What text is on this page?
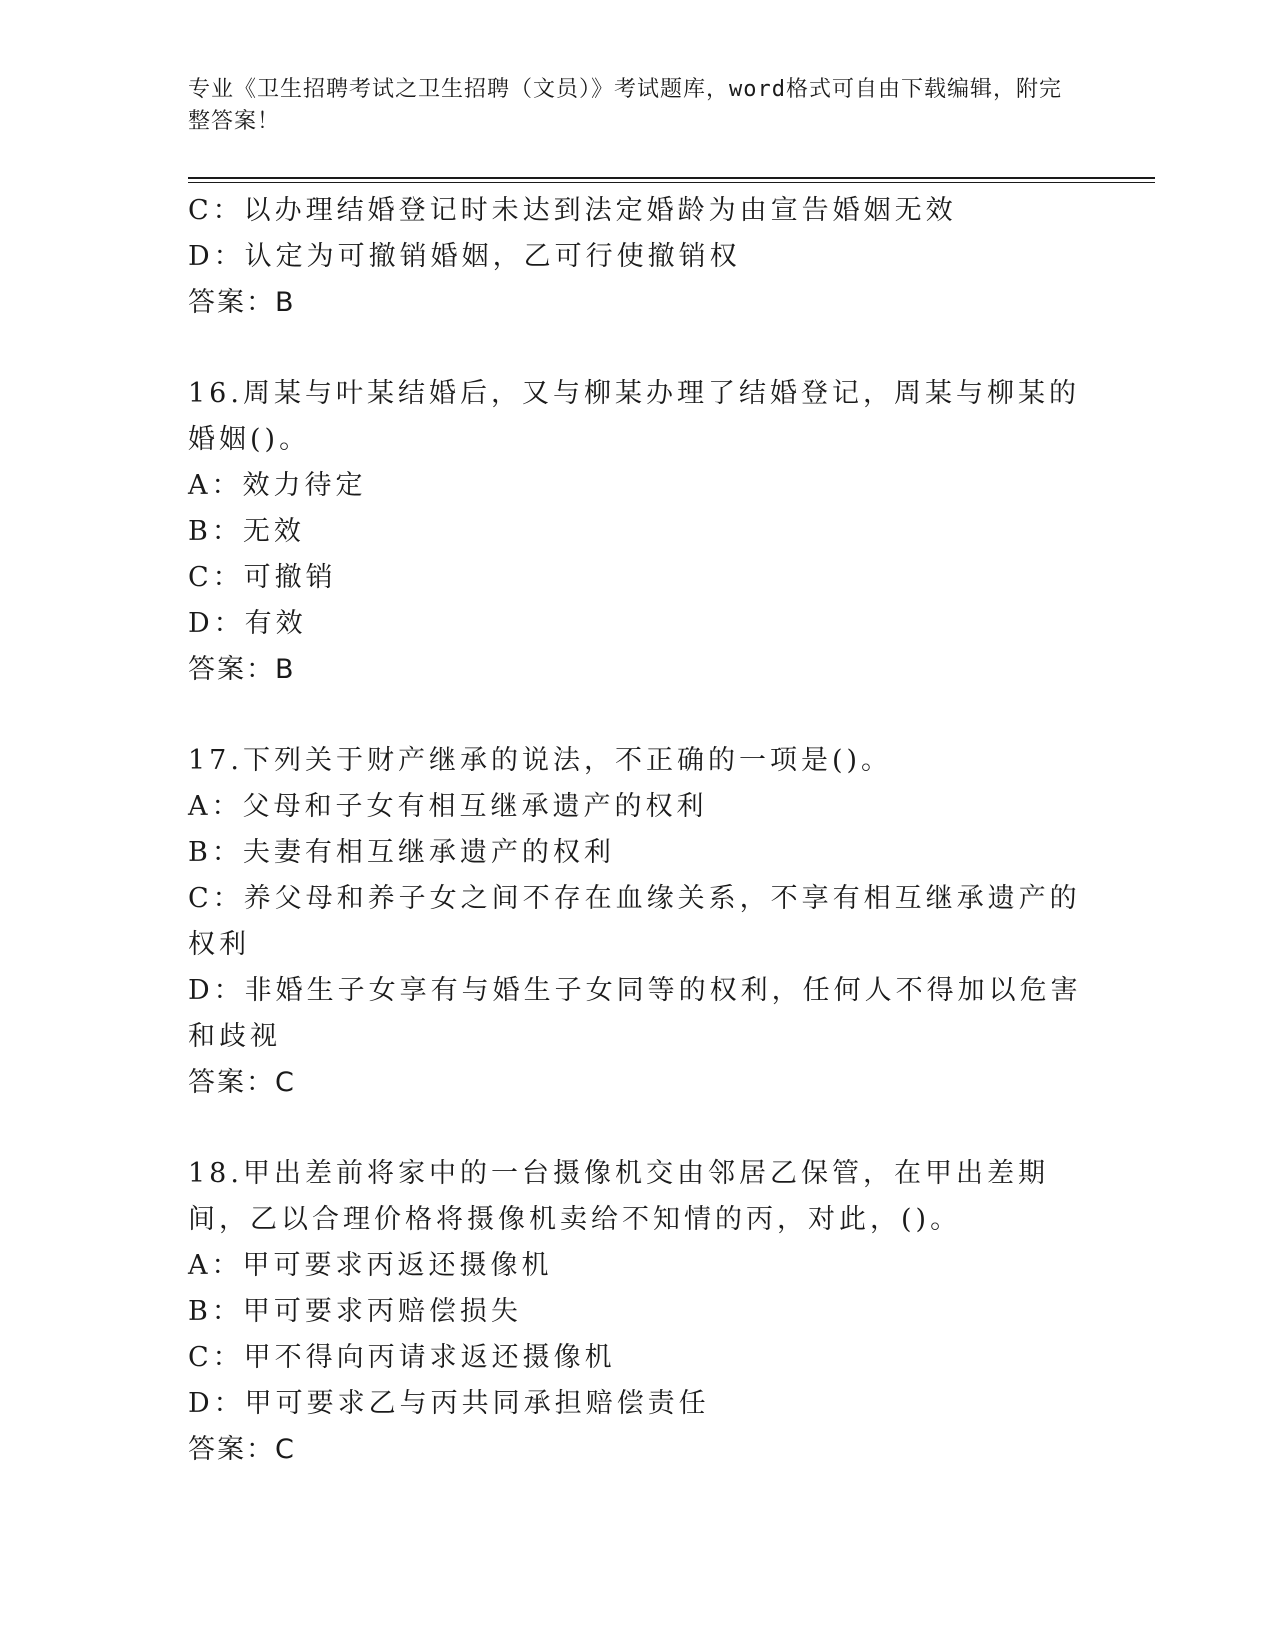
专业《卫生招聘考试之卫生招聘（文员）》考试题库，word格式可自由下载编辑，附完整答案！
C：以办理结婚登记时未达到法定婚龄为由宣告婚姻无效
D：认定为可撤销婚姻，乙可行使撤销权
答案：B
16.周某与叶某结婚后，又与柳某办理了结婚登记，周某与柳某的婚姻()。
A：效力待定
B：无效
C：可撤销
D：有效
答案：B
17.下列关于财产继承的说法，不正确的一项是()。
A：父母和子女有相互继承遗产的权利
B：夫妻有相互继承遗产的权利
C：养父母和养子女之间不存在血缘关系，不享有相互继承遗产的权利
D：非婚生子女享有与婚生子女同等的权利，任何人不得加以危害和歧视
答案：C
18.甲出差前将家中的一台摄像机交由邻居乙保管，在甲出差期间，乙以合理价格将摄像机卖给不知情的丙，对此，()。
A：甲可要求丙返还摄像机
B：甲可要求丙赔偿损失
C：甲不得向丙请求返还摄像机
D：甲可要求乙与丙共同承担赔偿责任
答案：C
